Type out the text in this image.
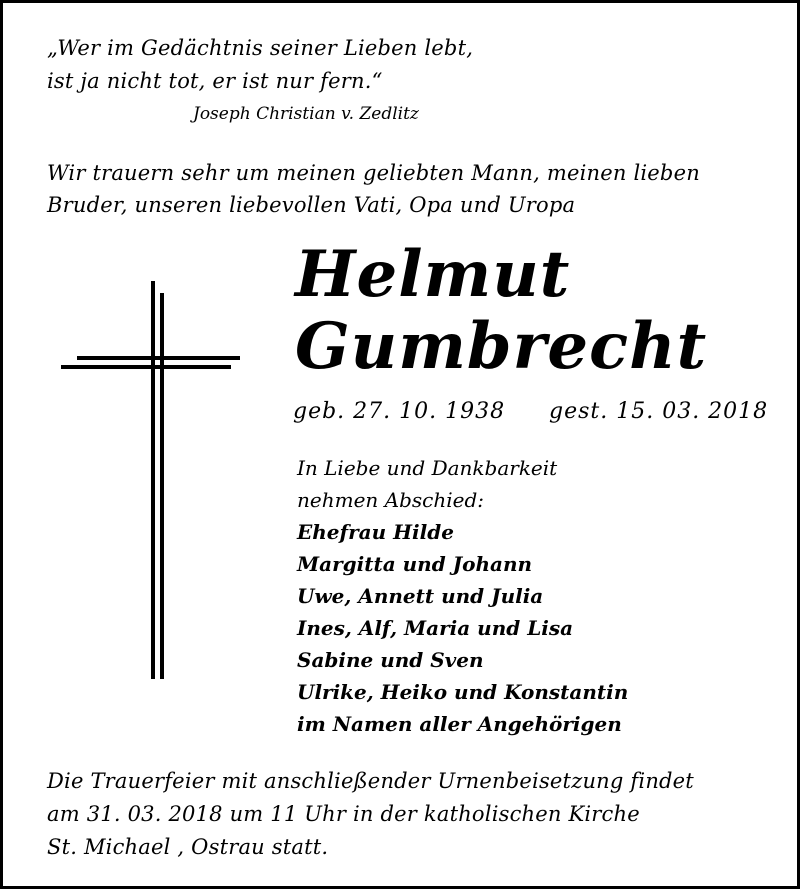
„Wer im Gedächtnis seiner Lieben lebt,

ist ja nicht tot, er ist nur fern.“

Joseph Christian v. Zedlitz

Wir trauern sehr um meinen geliebten Mann, meinen lieben

Bruder, unseren liebevollen Vati, Opa und Uropa

Helmut

Gumbrecht

geb. 27. 10. 1938 gest. 15. 03. 2018

In Liebe und Dankbarkeit
nehmen Abschied:
Ehefrau Hilde
Margitta und Johann
Uwe, Annett und Julia
Ines, Alf, Maria und Lisa
Sabine und Sven
Ulrike, Heiko und Konstantin
im Namen aller Angehörigen

Die Trauerfeier mit anschließender Urnenbeisetzung findet

am 31. 03. 2018 um 11 Uhr in der katholischen Kirche

St. Michael , Ostrau statt.
